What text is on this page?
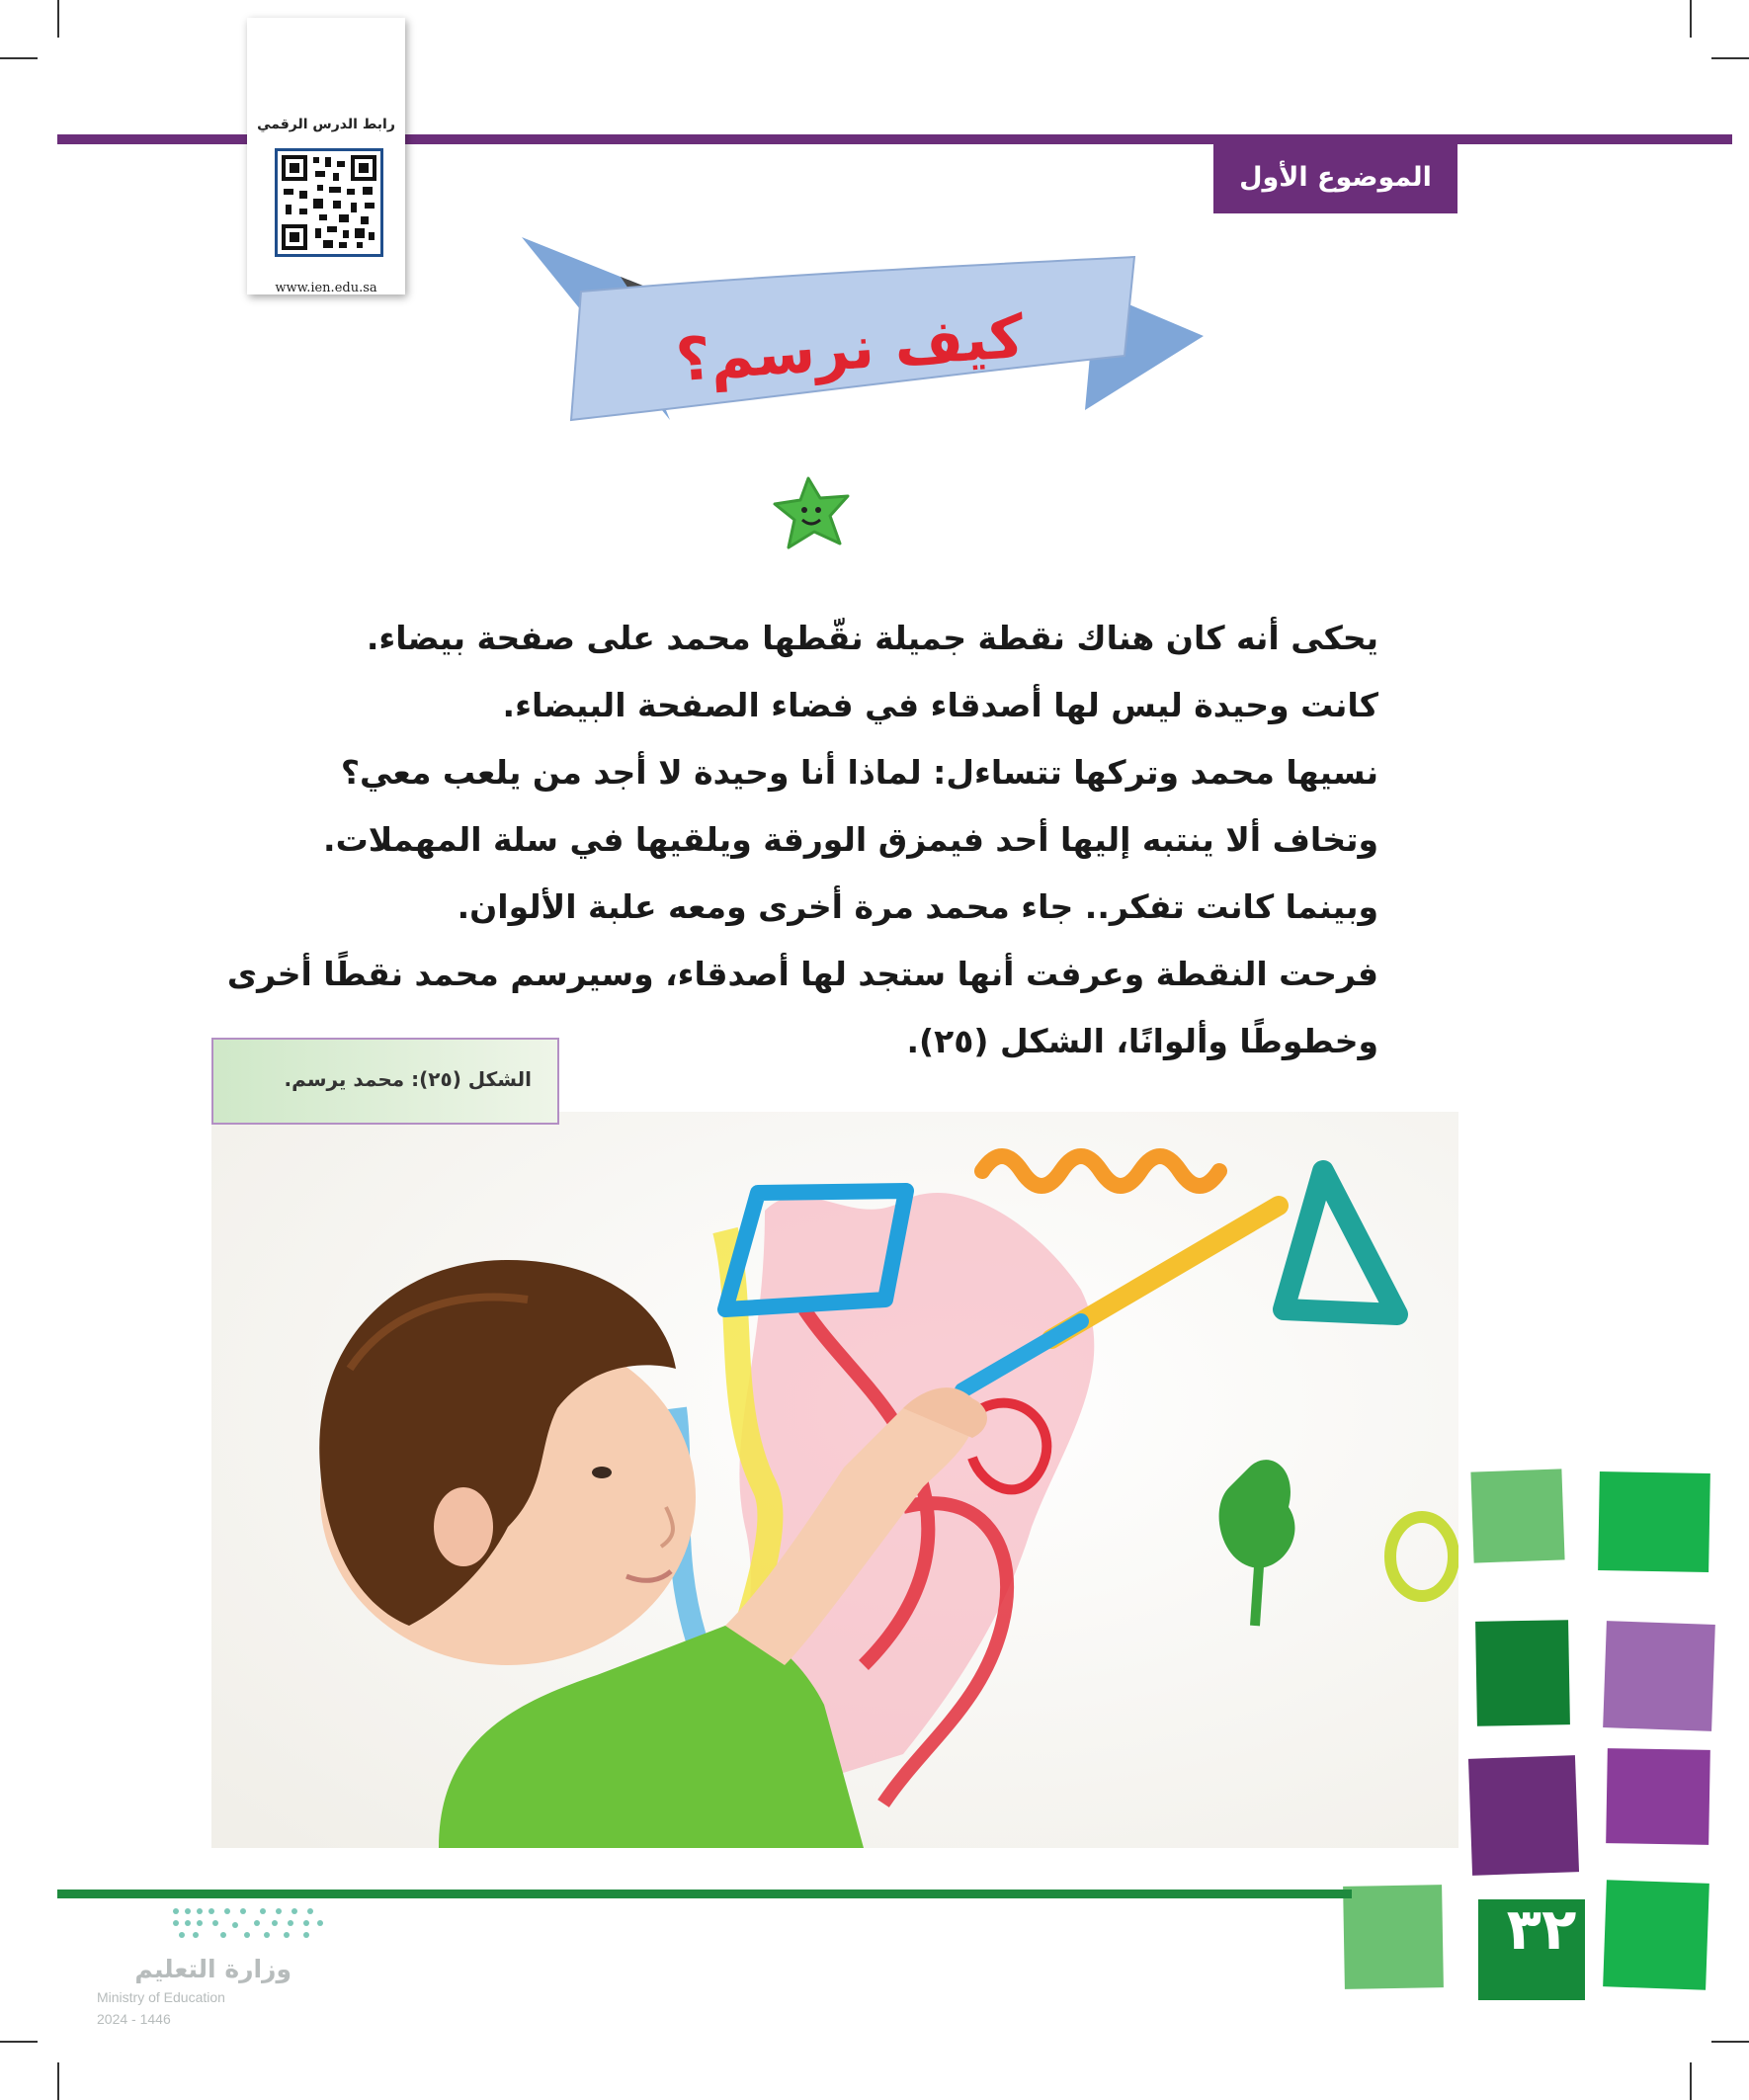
رابط الدرس الرقمي
www.ien.edu.sa
الموضوع الأول
كيف نرسم؟
يحكى أنه كان هناك نقطة جميلة نقّطها محمد على صفحة بيضاء.
كانت وحيدة ليس لها أصدقاء في فضاء الصفحة البيضاء.
نسيها محمد وتركها تتساءل: لماذا أنا وحيدة لا أجد من يلعب معي؟
وتخاف ألا ينتبه إليها أحد فيمزق الورقة ويلقيها في سلة المهملات.
وبينما كانت تفكر.. جاء محمد مرة أخرى ومعه علبة الألوان.
فرحت النقطة وعرفت أنها ستجد لها أصدقاء، وسيرسم محمد نقطًا أخرى
وخطوطًا وألوانًا، الشكل (٢٥).
الشكل (٢٥): محمد يرسم.
٣٢
وزارة التعليم
Ministry of Education
2024 - 1446
